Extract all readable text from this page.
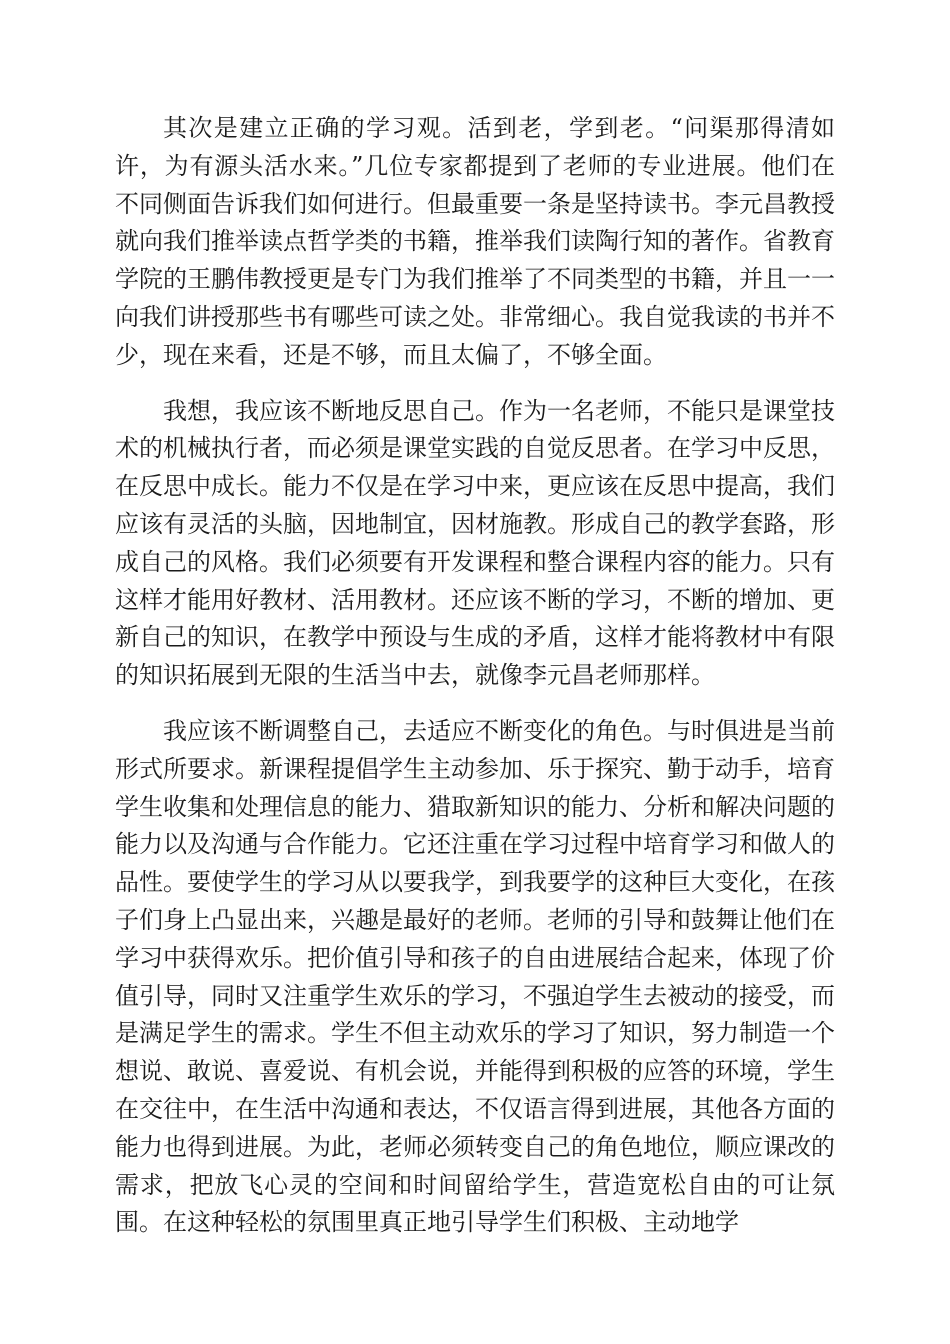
其次是建立正确的学习观。活到老，学到老。“问渠那得清如许，为有源头活水来。”几位专家都提到了老师的专业进展。他们在不同侧面告诉我们如何进行。但最重要一条是坚持读书。李元昌教授就向我们推举读点哲学类的书籍，推举我们读陶行知的著作。省教育学院的王鹏伟教授更是专门为我们推举了不同类型的书籍，并且一一向我们讲授那些书有哪些可读之处。非常细心。我自觉我读的书并不少，现在来看，还是不够，而且太偏了，不够全面。

我想，我应该不断地反思自己。作为一名老师，不能只是课堂技术的机械执行者，而必须是课堂实践的自觉反思者。在学习中反思，在反思中成长。能力不仅是在学习中来，更应该在反思中提高，我们应该有灵活的头脑，因地制宜，因材施教。形成自己的教学套路，形成自己的风格。我们必须要有开发课程和整合课程内容的能力。只有这样才能用好教材、活用教材。还应该不断的学习，不断的增加、更新自己的知识，在教学中预设与生成的矛盾，这样才能将教材中有限的知识拓展到无限的生活当中去，就像李元昌老师那样。

我应该不断调整自己，去适应不断变化的角色。与时俱进是当前形式所要求。新课程提倡学生主动参加、乐于探究、勤于动手，培育学生收集和处理信息的能力、猎取新知识的能力、分析和解决问题的能力以及沟通与合作能力。它还注重在学习过程中培育学习和做人的品性。要使学生的学习从以要我学，到我要学的这种巨大变化，在孩子们身上凸显出来，兴趣是最好的老师。老师的引导和鼓舞让他们在学习中获得欢乐。把价值引导和孩子的自由进展结合起来，体现了价值引导，同时又注重学生欢乐的学习，不强迫学生去被动的接受，而是满足学生的需求。学生不但主动欢乐的学习了知识，努力制造一个想说、敢说、喜爱说、有机会说，并能得到积极的应答的环境，学生在交往中，在生活中沟通和表达，不仅语言得到进展，其他各方面的能力也得到进展。为此，老师必须转变自己的角色地位，顺应课改的需求，把放飞心灵的空间和时间留给学生，营造宽松自由的可让氛围。在这种轻松的氛围里真正地引导学生们积极、主动地学
